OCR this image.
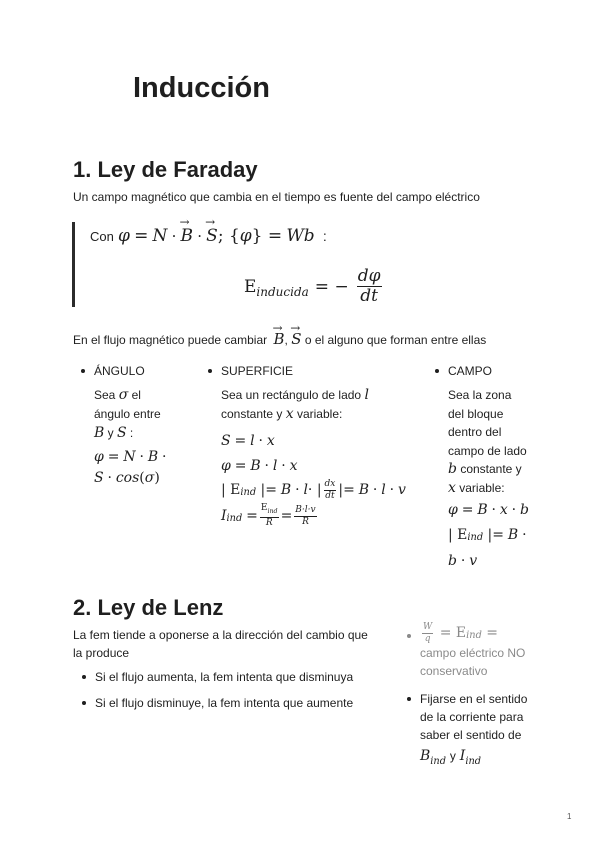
Inducción
1. Ley de Faraday
Un campo magnético que cambia en el tiempo es fuente del campo eléctrico
Con φ = N · → B · → S; {φ} = Wb :
E inducida = − $\frac{d\varphi}{dt}$
En el flujo magnético puede cambiar → B, → S o el alguno que forman entre ellas
ÁNGULO
Sea σ el
ángulo entre
B y S :
φ = N · B ·
S · cos(σ)
SUPERFICIE
Sea un rectángulo de lado l
constante y x variable:
S = l · x
φ = B · l · x
| $E_{ind}$ |=
B
·
l · | $\frac{dx}{dt}$ |=
B
·
l
·
v
$I_{ind}$
= $\frac{E_{ind}}{R} = \frac{B\cdot l\cdot v}{R}$
CAMPO
Sea la zona
del bloque
dentro del
campo de lado
b constante y
x variable:
φ = B · x · b
| $E_{ind}$ |=
B
·
b · v
2. Ley de Lenz
La fem tiende a oponerse a la dirección del cambio que
la produce
Si el flujo aumenta, la fem intenta que disminuya
Si el flujo disminuye, la fem intenta que aumente
$\frac{W}{q} = E_{ind}$ =
campo eléctrico NO
conservativo
Fijarse en el sentido
de la corriente para
saber el sentido de
$B_{ind}$ y $I_{ind}$
1
